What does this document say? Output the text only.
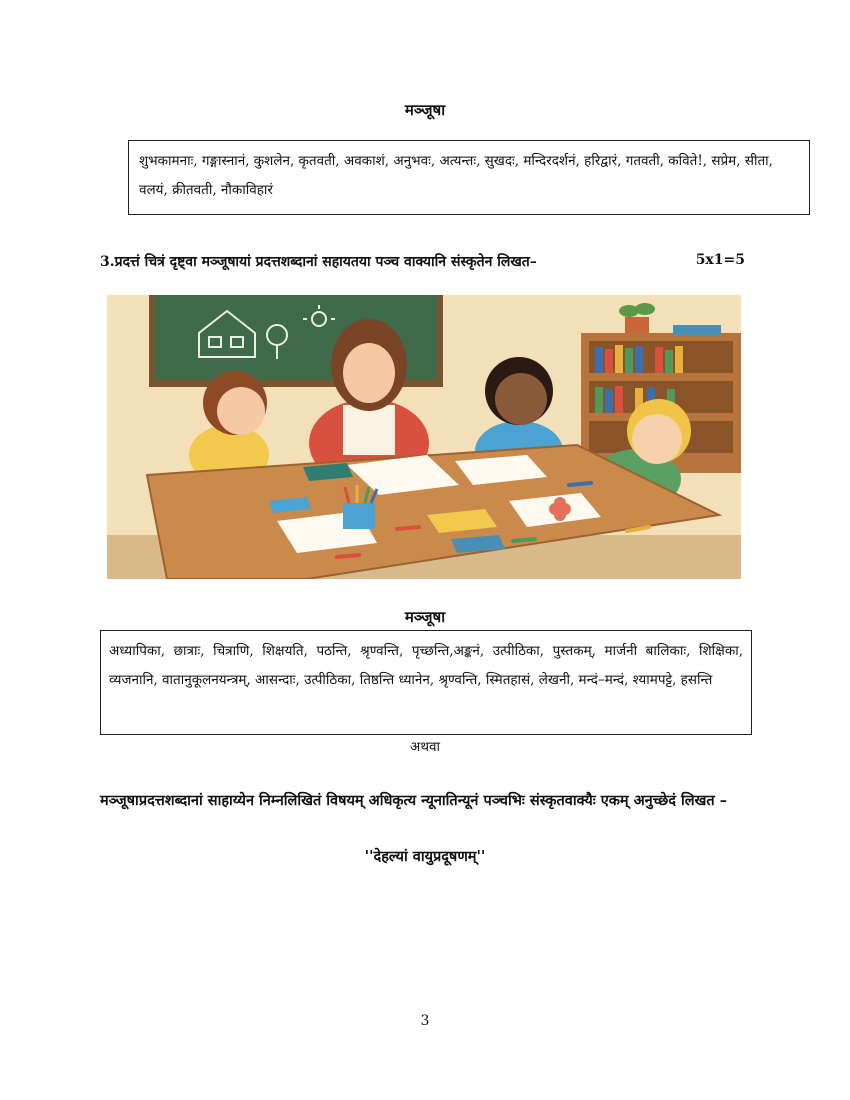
मञ्जूषा
शुभकामनाः, गङ्गास्नानं, कुशलेन, कृतवती, अवकाशं, अनुभवः, अत्यन्तः, सुखदः, मन्दिरदर्शनं, हरिद्वारं, गतवती, कविते!, सप्रेम, सीता, वलयं, क्रीतवती, नौकाविहारं
3.प्रदत्तं चित्रं दृष्ट्वा मञ्जूषायां प्रदत्तशब्दानां सहायतया पञ्च वाक्यानि संस्कृतेन लिखत–	5x1=5
मञ्जूषा
अध्यापिका, छात्राः, चित्राणि, शिक्षयति, पठन्ति, श्रृण्वन्ति, पृच्छन्ति,अङ्कनं, उत्पीठिका, पुस्तकम्, मार्जनी बालिकाः, शिक्षिका, व्यजनानि, वातानुकूलनयन्त्रम्, आसन्दाः, उत्पीठिका, तिष्ठन्ति ध्यानेन, श्रृण्वन्ति, स्मितहासं, लेखनी, मन्दं–मन्दं, श्यामपट्टे, हसन्ति
अथवा
मञ्जूषाप्रदत्तशब्दानां साहाय्येन निम्नलिखितं विषयम् अधिकृत्य न्यूनातिन्यूनं पञ्चभिः संस्कृतवाक्यैः एकम् अनुच्छेदं लिखत –
''देहल्यां वायुप्रदूषणम्''
3
